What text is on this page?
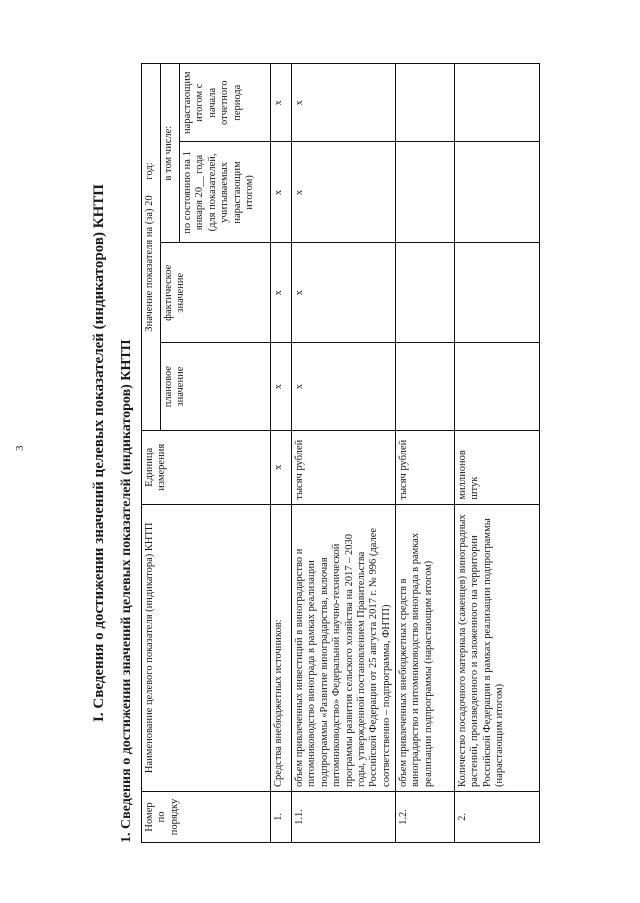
3	I. Сведения о достижении значений целевых показателей (индикаторов) КНТП 1. Сведения о достижении значений целевых показателей (индикаторов) КНТП Номер по порядку	Наименование целевого показателя (индикатора) КНТП	Единица измерения	Значение показателя на (за) 20      год:			
			плановое значение	фактическое значение	в том числе:	
					по состоянию на 1 января 20__ года (для показателей, учитываемых нарастающим итогом)	нарастающим итогом с начала отчетного периода
1.	Средства внебюджетных источников:	x	x	x	x	x
1.1.	объем привлеченных инвестиций в виноградарство и питомниководство винограда в рамках реализации подпрограммы «Развитие виноградарства, включая питомниководство» Федеральной научно-технической программы развития сельского хозяйства на 2017 – 2030 годы, утвержденной постановлением Правительства Российской Федерации от 25 августа 2017 г. № 996 (далее соответственно – подпрограмма, ФНТП)	тысяч рублей	x	x	x	x
1.2.	объем привлеченных внебюджетных средств в виноградарство и питомниководство винограда в рамках реализации подпрограммы (нарастающим итогом)	тысяч рублей				
2.	Количество посадочного материала (саженцев) виноградных растений, произведенного и заложенного на территории Российской Федерации в рамках реализации подпрограммы (нарастающим итогом)	миллионов штук				
